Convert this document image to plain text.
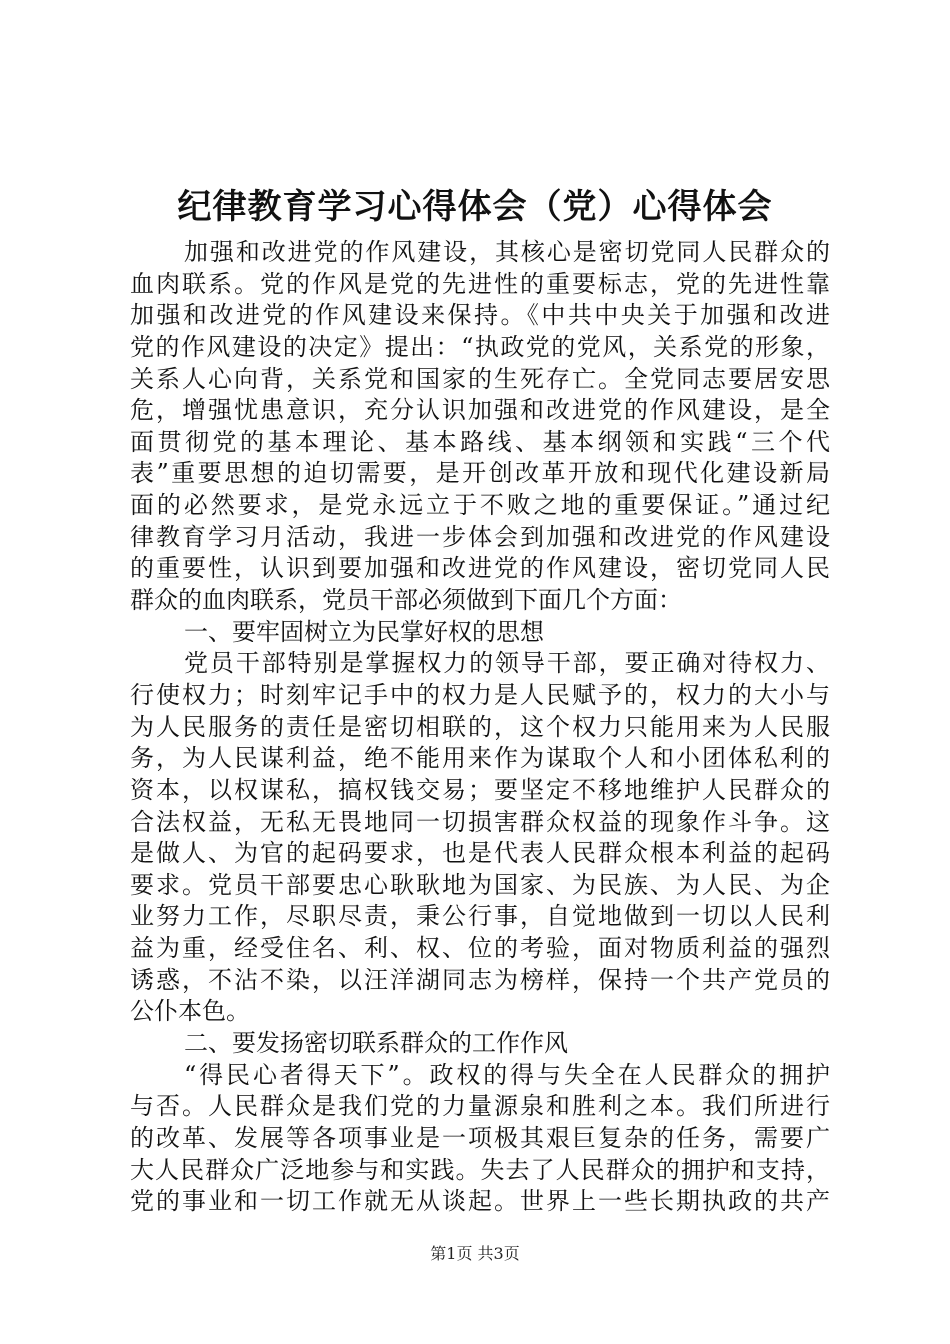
纪律教育学习心得体会（党）心得体会
加强和改进党的作风建设，其核心是密切党同人民群众的
血肉联系。党的作风是党的先进性的重要标志，党的先进性靠
加强和改进党的作风建设来保持。《中共中央关于加强和改进
党的作风建设的决定》提出：“执政党的党风，关系党的形象，
关系人心向背，关系党和国家的生死存亡。全党同志要居安思
危，增强忧患意识，充分认识加强和改进党的作风建设，是全
面贯彻党的基本理论、基本路线、基本纲领和实践“三个代
表”重要思想的迫切需要，是开创改革开放和现代化建设新局
面的必然要求，是党永远立于不败之地的重要保证。”通过纪
律教育学习月活动，我进一步体会到加强和改进党的作风建设
的重要性，认识到要加强和改进党的作风建设，密切党同人民
群众的血肉联系，党员干部必须做到下面几个方面：
一、要牢固树立为民掌好权的思想
党员干部特别是掌握权力的领导干部，要正确对待权力、
行使权力；时刻牢记手中的权力是人民赋予的，权力的大小与
为人民服务的责任是密切相联的，这个权力只能用来为人民服
务，为人民谋利益，绝不能用来作为谋取个人和小团体私利的
资本，以权谋私，搞权钱交易；要坚定不移地维护人民群众的
合法权益，无私无畏地同一切损害群众权益的现象作斗争。这
是做人、为官的起码要求，也是代表人民群众根本利益的起码
要求。党员干部要忠心耿耿地为国家、为民族、为人民、为企
业努力工作，尽职尽责，秉公行事，自觉地做到一切以人民利
益为重，经受住名、利、权、位的考验，面对物质利益的强烈
诱惑，不沾不染，以汪洋湖同志为榜样，保持一个共产党员的
公仆本色。
二、要发扬密切联系群众的工作作风
“得民心者得天下”。政权的得与失全在人民群众的拥护
与否。人民群众是我们党的力量源泉和胜利之本。我们所进行
的改革、发展等各项事业是一项极其艰巨复杂的任务，需要广
大人民群众广泛地参与和实践。失去了人民群众的拥护和支持，
党的事业和一切工作就无从谈起。世界上一些长期执政的共产
第1页 共3页
